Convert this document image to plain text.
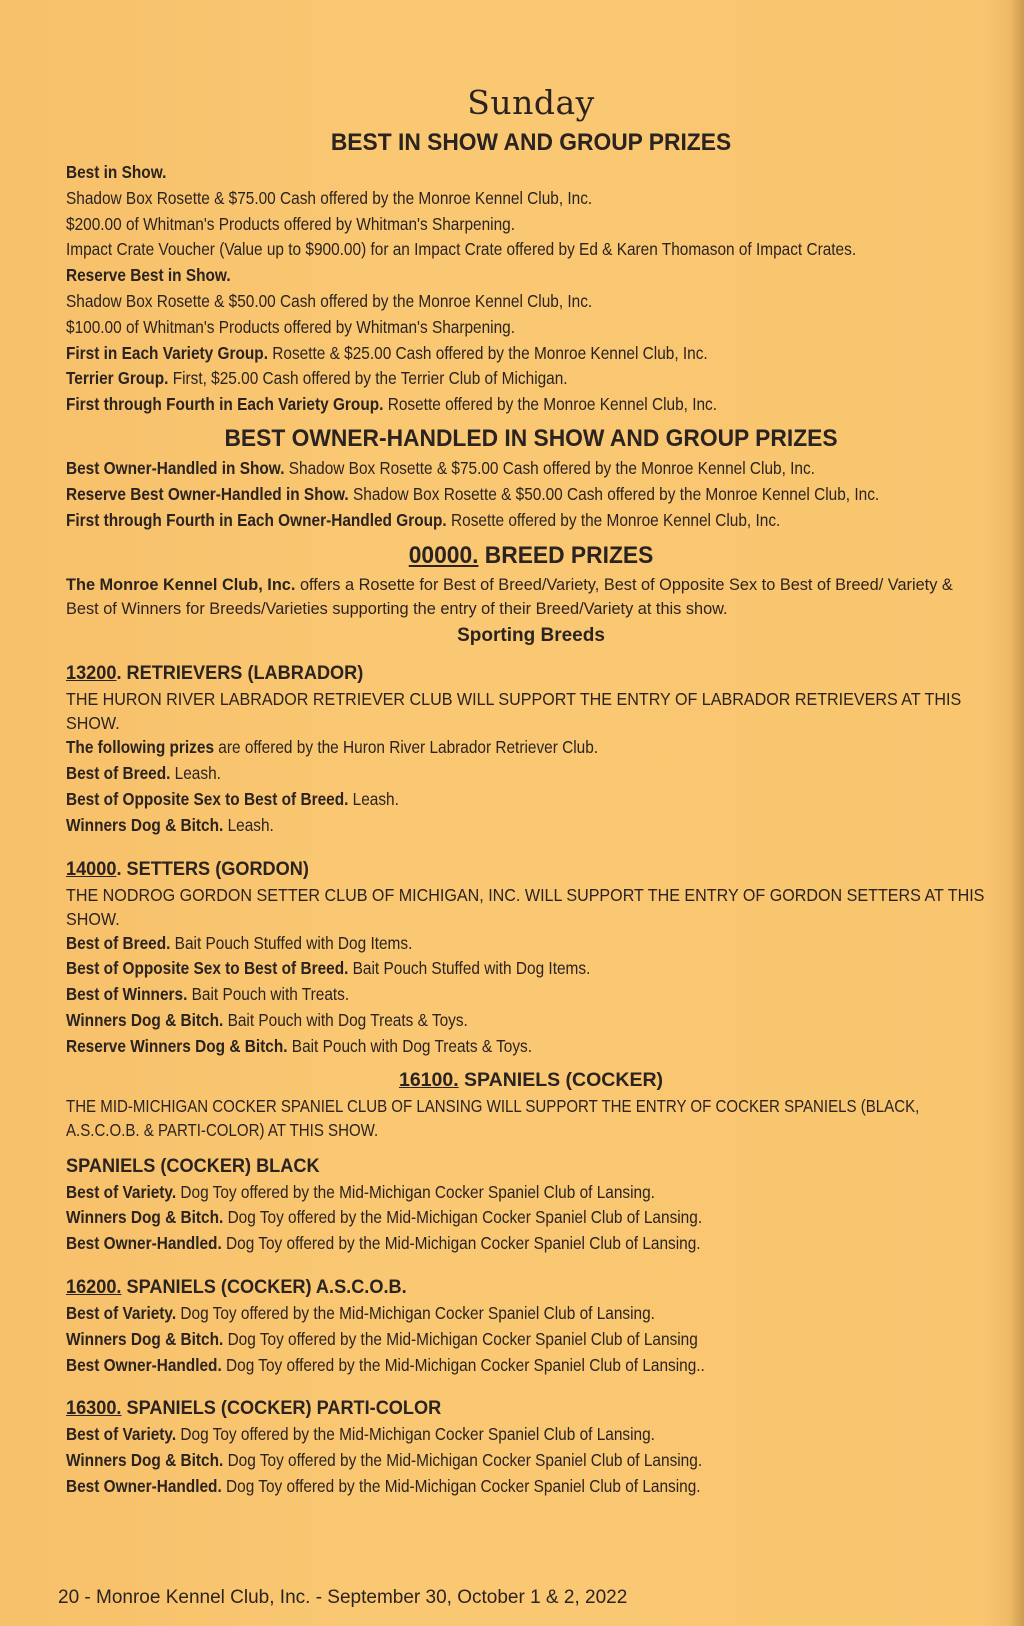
Sunday
BEST IN SHOW AND GROUP PRIZES
Best in Show.
Shadow Box Rosette & $75.00 Cash offered by the Monroe Kennel Club, Inc.
$200.00 of Whitman's Products offered by Whitman's Sharpening.
Impact Crate Voucher (Value up to $900.00) for an Impact Crate offered by Ed & Karen Thomason of Impact Crates.
Reserve Best in Show.
Shadow Box Rosette & $50.00 Cash offered by the Monroe Kennel Club, Inc.
$100.00 of Whitman's Products offered by Whitman's Sharpening.
First in Each Variety Group. Rosette & $25.00 Cash offered by the Monroe Kennel Club, Inc.
Terrier Group. First, $25.00 Cash offered by the Terrier Club of Michigan.
First through Fourth in Each Variety Group. Rosette offered by the Monroe Kennel Club, Inc.
BEST OWNER-HANDLED IN SHOW AND GROUP PRIZES
Best Owner-Handled in Show. Shadow Box Rosette & $75.00 Cash offered by the Monroe Kennel Club, Inc.
Reserve Best Owner-Handled in Show. Shadow Box Rosette & $50.00 Cash offered by the Monroe Kennel Club, Inc.
First through Fourth in Each Owner-Handled Group. Rosette offered by the Monroe Kennel Club, Inc.
00000. BREED PRIZES
The Monroe Kennel Club, Inc. offers a Rosette for Best of Breed/Variety, Best of Opposite Sex to Best of Breed/ Variety & Best of Winners for Breeds/Varieties supporting the entry of their Breed/Variety at this show.
Sporting Breeds
13200. RETRIEVERS (LABRADOR)
THE HURON RIVER LABRADOR RETRIEVER CLUB WILL SUPPORT THE ENTRY OF LABRADOR RETRIEVERS AT THIS SHOW.
The following prizes are offered by the Huron River Labrador Retriever Club.
Best of Breed. Leash.
Best of Opposite Sex to Best of Breed. Leash.
Winners Dog & Bitch. Leash.
14000. SETTERS (GORDON)
THE NODROG GORDON SETTER CLUB OF MICHIGAN, INC. WILL SUPPORT THE ENTRY OF GORDON SETTERS AT THIS SHOW.
Best of Breed. Bait Pouch Stuffed with Dog Items.
Best of Opposite Sex to Best of Breed. Bait Pouch Stuffed with Dog Items.
Best of Winners. Bait Pouch with Treats.
Winners Dog & Bitch. Bait Pouch with Dog Treats & Toys.
Reserve Winners Dog & Bitch. Bait Pouch with Dog Treats & Toys.
16100. SPANIELS (COCKER)
THE MID-MICHIGAN COCKER SPANIEL CLUB OF LANSING WILL SUPPORT THE ENTRY OF COCKER SPANIELS (BLACK, A.S.C.O.B. & PARTI-COLOR) AT THIS SHOW.
SPANIELS (COCKER) BLACK
Best of Variety. Dog Toy offered by the Mid-Michigan Cocker Spaniel Club of Lansing.
Winners Dog & Bitch. Dog Toy offered by the Mid-Michigan Cocker Spaniel Club of Lansing.
Best Owner-Handled. Dog Toy offered by the Mid-Michigan Cocker Spaniel Club of Lansing.
16200. SPANIELS (COCKER) A.S.C.O.B.
Best of Variety. Dog Toy offered by the Mid-Michigan Cocker Spaniel Club of Lansing.
Winners Dog & Bitch. Dog Toy offered by the Mid-Michigan Cocker Spaniel Club of Lansing
Best Owner-Handled. Dog Toy offered by the Mid-Michigan Cocker Spaniel Club of Lansing..
16300. SPANIELS (COCKER) PARTI-COLOR
Best of Variety. Dog Toy offered by the Mid-Michigan Cocker Spaniel Club of Lansing.
Winners Dog & Bitch. Dog Toy offered by the Mid-Michigan Cocker Spaniel Club of Lansing.
Best Owner-Handled. Dog Toy offered by the Mid-Michigan Cocker Spaniel Club of Lansing.
20 - Monroe Kennel Club, Inc. - September 30, October 1 & 2, 2022
